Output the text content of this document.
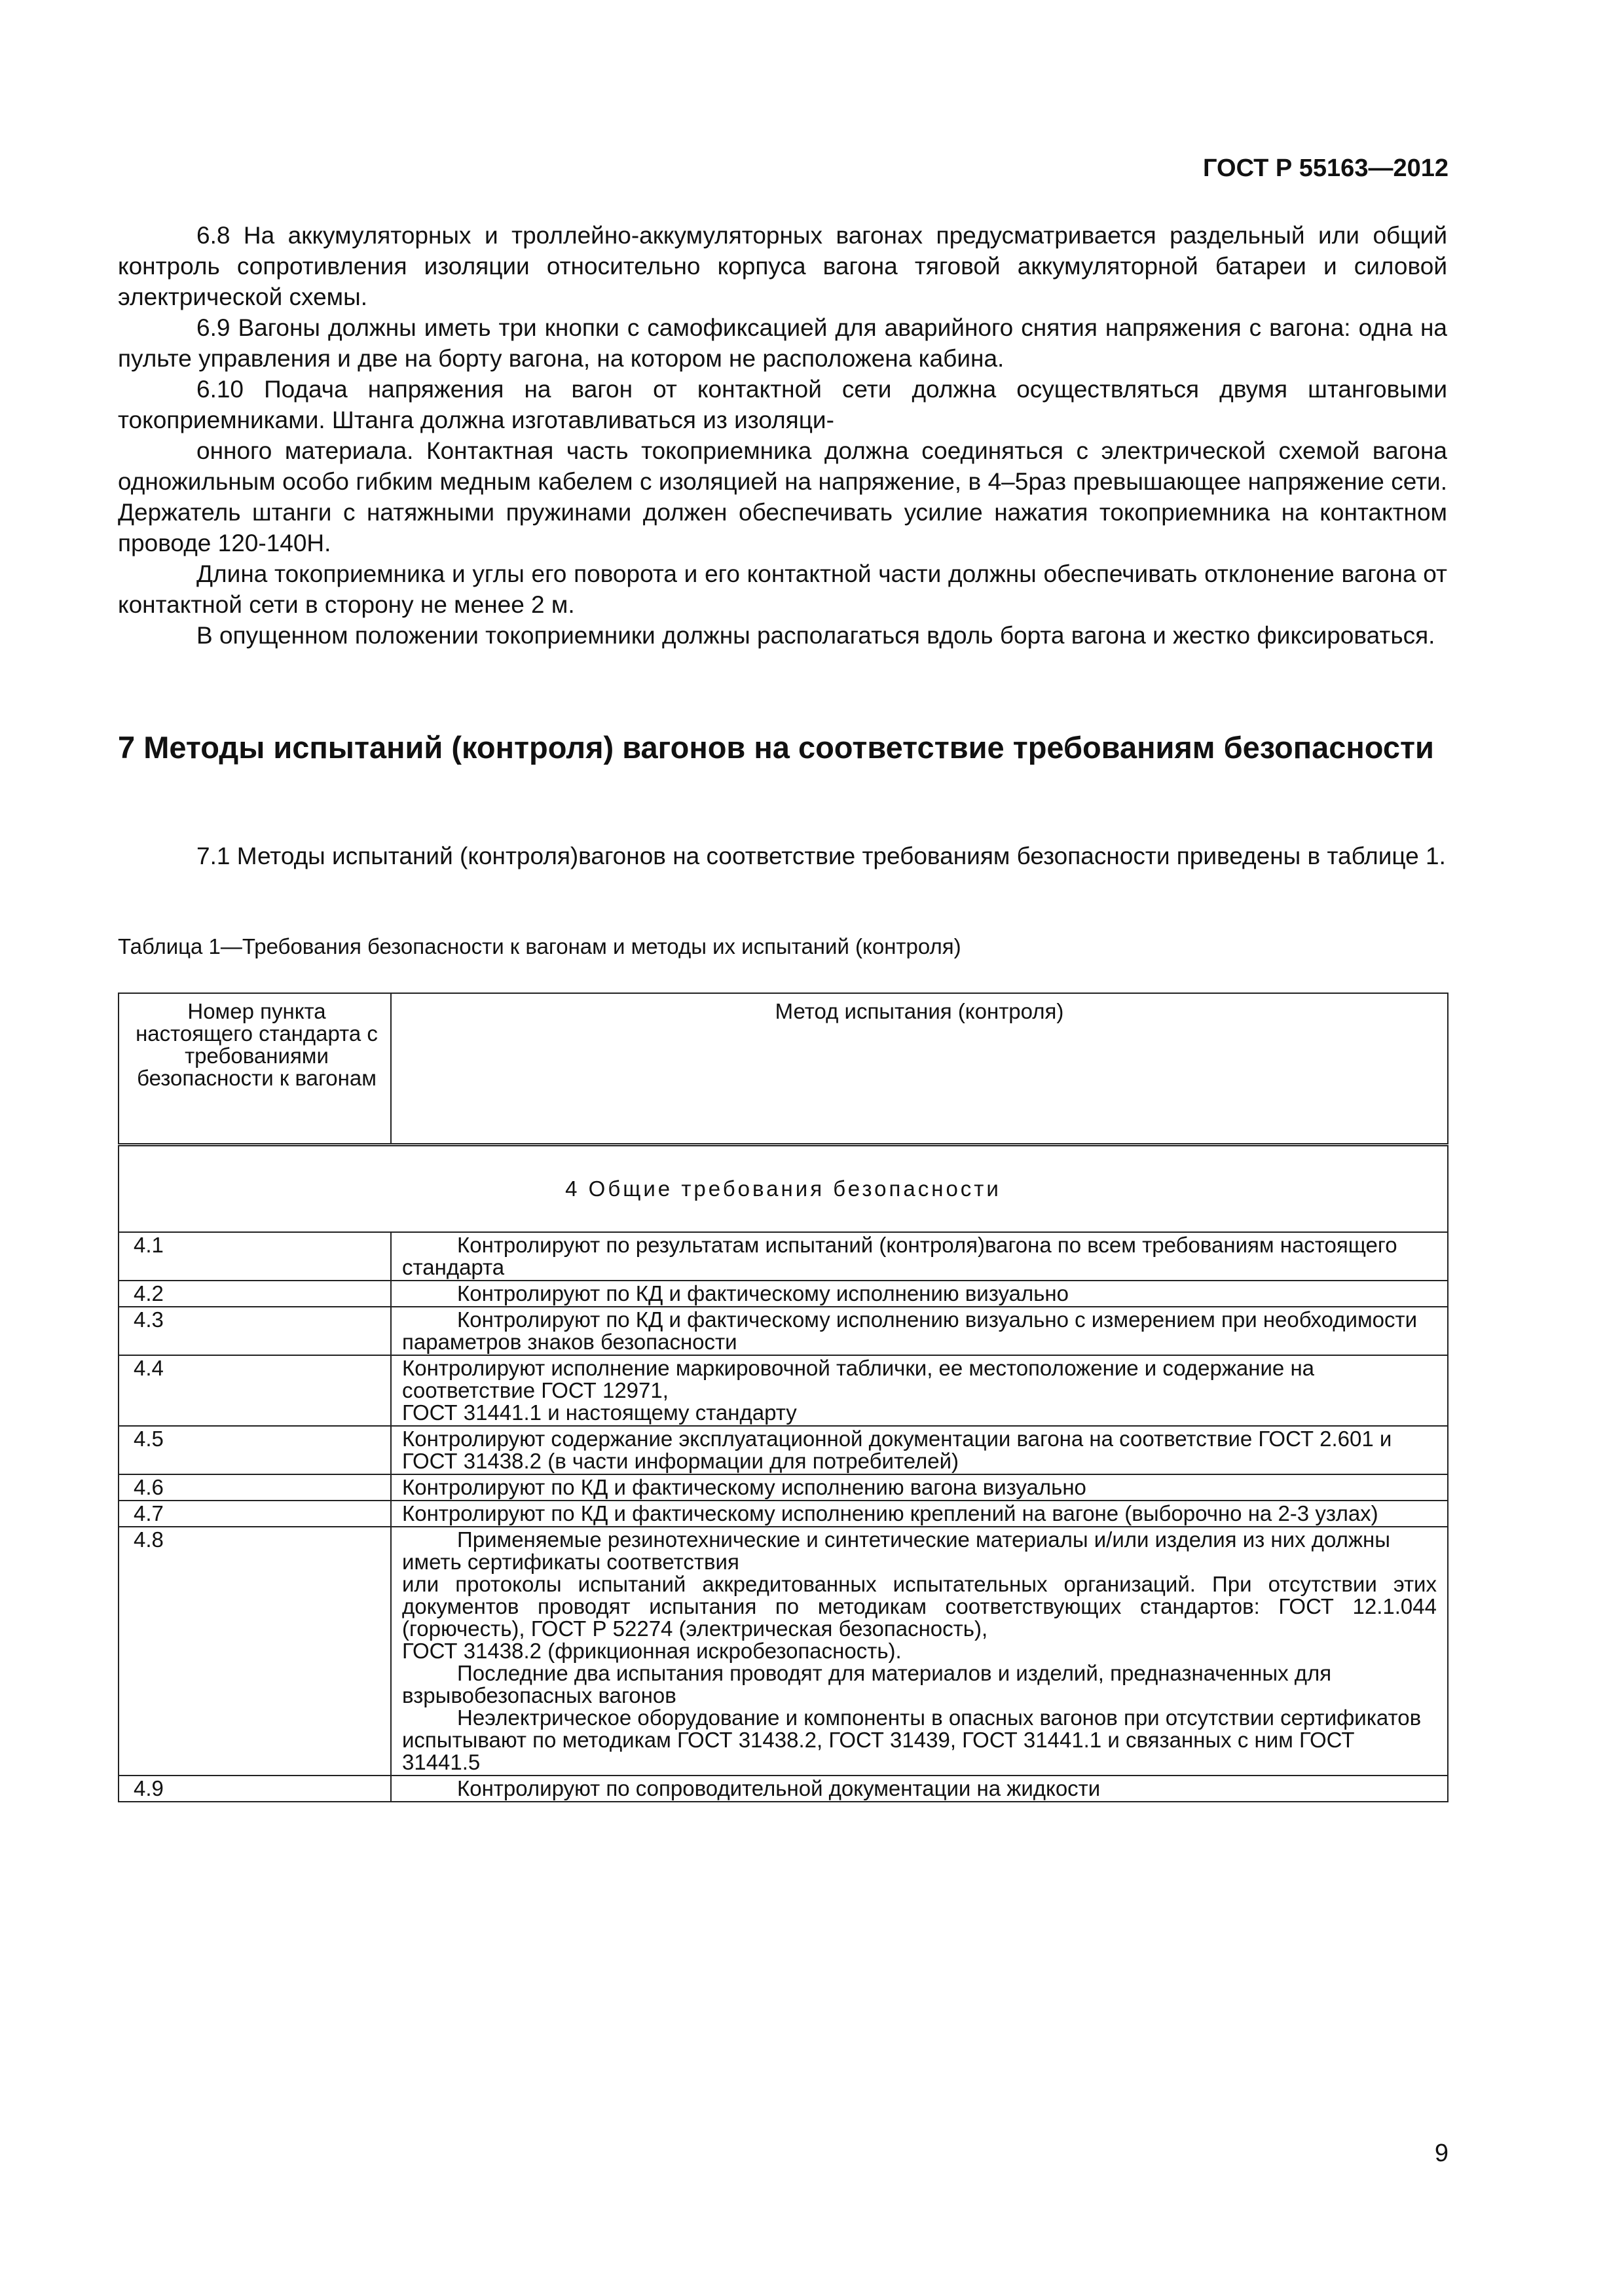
ГОСТ Р 55163—2012

6.8 На аккумуляторных и троллейно-аккумуляторных вагонах предусматривается раздельный или общий контроль сопротивления изоляции относительно корпуса вагона тяговой аккумуляторной батареи и силовой электрической схемы.

6.9 Вагоны должны иметь три кнопки с самофиксацией для аварийного снятия напряжения с вагона: одна на пульте управления и две на борту вагона, на котором не расположена кабина.

6.10 Подача напряжения на вагон от контактной сети должна осуществляться двумя штанговыми токоприемниками. Штанга должна изготавливаться из изоляци-

онного материала. Контактная часть токоприемника должна соединяться с электрической схемой вагона одножильным особо гибким медным кабелем с изоляцией на напряжение, в 4–5раз превышающее напряжение сети. Держатель штанги с натяжными пружинами должен обеспечивать усилие нажатия токоприемника на контактном проводе 120-140Н.

Длина токоприемника и углы его поворота и его контактной части должны обеспечивать отклонение вагона от контактной сети в сторону не менее 2 м.

В опущенном положении токоприемники должны располагаться вдоль борта вагона и жестко фиксироваться.

7 Методы испытаний (контроля) вагонов на соответствие требованиям безопасности

7.1 Методы испытаний (контроля)вагонов на соответствие требованиям безопасности приведены в таблице 1.

Таблица 1—Требования безопасности к вагонам и методы их испытаний (контроля)
Номер пункта настоящего стандарта с требованиями безопасности к вагонам	Метод испытания (контроля)
4 Общие требования безопасности	
4.1	Контролируют по результатам испытаний (контроля)вагона по всем требованиям настоящего стандарта
4.2	Контролируют по КД и фактическому исполнению визуально
4.3	Контролируют по КД и фактическому исполнению визуально с измерением при необходимости параметров знаков безопасности
4.4	Контролируют исполнение маркировочной таблички, ее местоположение и содержание на соответствие ГОСТ 12971,
ГОСТ 31441.1 и настоящему стандарту

4.5	Контролируют содержание эксплуатационной документации вагона на соответствие ГОСТ 2.601 и ГОСТ 31438.2 (в части информации для потребителей)
4.6	Контролируют по КД и фактическому исполнению вагона визуально
4.7	Контролируют по КД и фактическому исполнению креплений на вагоне (выборочно на 2-3 узлах)
4.8	Применяемые резинотехнические и синтетические материалы и/или изделия из них должны иметь сертификаты соответствия
или протоколы испытаний аккредитованных испытательных организаций. При отсутствии этих документов проводят испытания по методикам соответствующих стандартов: ГОСТ 12.1.044 (горючесть), ГОСТ Р 52274 (электрическая безопасность),
ГОСТ 31438.2 (фрикционная искробезопасность).
Последние два испытания проводят для материалов и изделий, предназначенных для взрывобезопасных вагонов
Неэлектрическое оборудование и компоненты в опасных вагонов при отсутствии сертификатов испытывают по методикам ГОСТ 31438.2, ГОСТ 31439, ГОСТ 31441.1 и связанных с ним ГОСТ 31441.5

4.9	Контролируют по сопроводительной документации на жидкости
9
